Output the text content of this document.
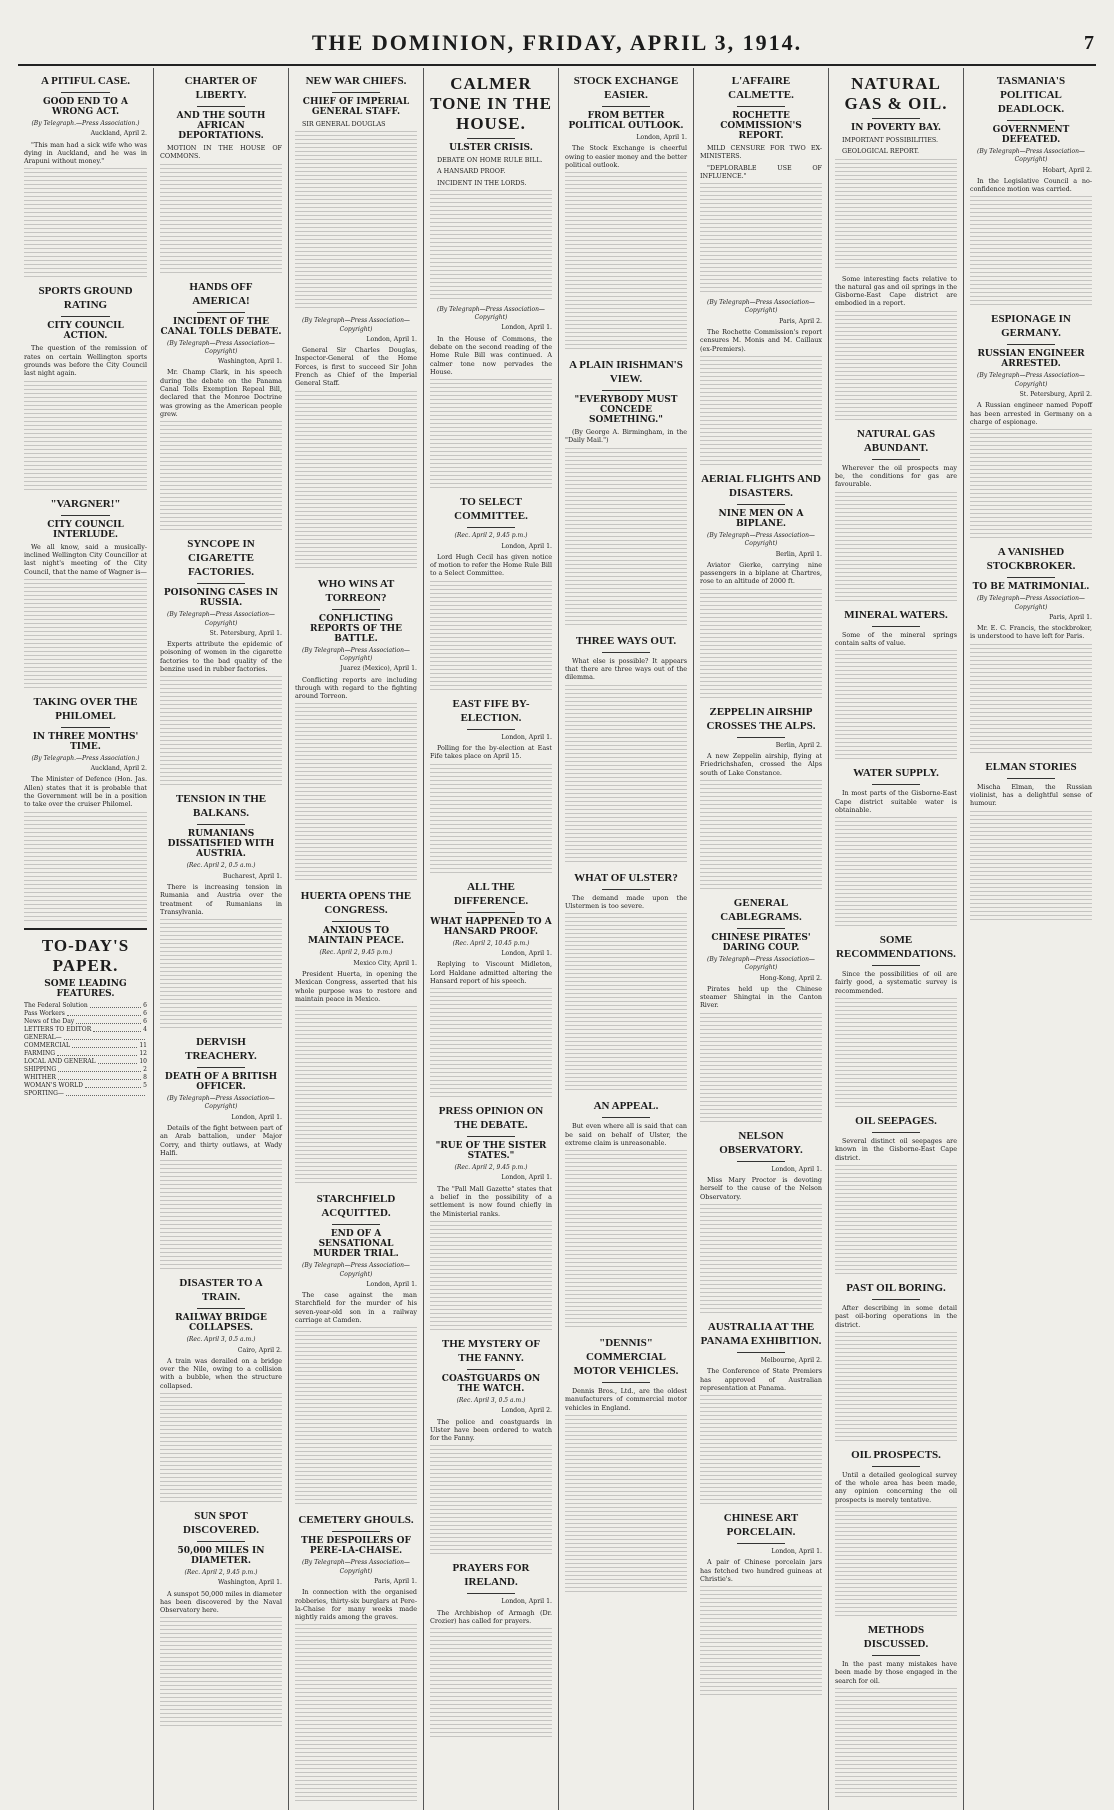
THE DOMINION, FRIDAY, APRIL 3, 1914.	7
A PITIFUL CASE.
GOOD END TO A WRONG ACT.
(By Telegraph.—Press Association.)
Auckland, April 2.

"This man had a sick wife who was dying in Auckland, and he was in Arapuni without money."

SPORTS GROUND RATING
CITY COUNCIL ACTION.

The question of the remission of rates on certain Wellington sports grounds was before the City Council last night again.

"VARGNER!"
CITY COUNCIL INTERLUDE.

We all know, said a musically-inclined Wellington City Councillor at last night's meeting of the City Council, that the name of Wagner is—

TAKING OVER THE PHILOMEL
IN THREE MONTHS' TIME.
(By Telegraph.—Press Association.)
Auckland, April 2.

The Minister of Defence (Hon. Jas. Allen) states that it is probable that the Government will be in a position to take over the cruiser Philomel.

TO-DAY'S PAPER.
SOME LEADING FEATURES.
The Federal Solution	6
Pass Workers	6
News of the Day	6
LETTERS TO EDITOR	4
GENERAL—
COMMERCIAL	11
FARMING	12
LOCAL AND GENERAL	10
SHIPPING	2
WHITHER	8
WOMAN'S WORLD	5
SPORTING—
CHARTER OF LIBERTY.
AND THE SOUTH AFRICAN DEPORTATIONS.

MOTION IN THE HOUSE OF COMMONS.

HANDS OFF AMERICA!
INCIDENT OF THE CANAL TOLLS DEBATE.
(By Telegraph—Press Association—Copyright)
Washington, April 1.

Mr. Champ Clark, in his speech during the debate on the Panama Canal Tolls Exemption Repeal Bill, declared that the Monroe Doctrine was growing as the American people grew.

SYNCOPE IN CIGARETTE FACTORIES.
POISONING CASES IN RUSSIA.
(By Telegraph—Press Association—Copyright)
St. Petersburg, April 1.

Experts attribute the epidemic of poisoning of women in the cigarette factories to the bad quality of the benzine used in rubber factories.

TENSION IN THE BALKANS.
RUMANIANS DISSATISFIED WITH AUSTRIA.
(Rec. April 2, 0.5 a.m.)
Bucharest, April 1.

There is increasing tension in Rumania and Austria over the treatment of Rumanians in Transylvania.

DERVISH TREACHERY.
DEATH OF A BRITISH OFFICER.
(By Telegraph—Press Association—Copyright)
London, April 1.

Details of the fight between part of an Arab battalion, under Major Corry, and thirty outlaws, at Wady Halfi.

DISASTER TO A TRAIN.
RAILWAY BRIDGE COLLAPSES.
(Rec. April 3, 0.5 a.m.)
Cairo, April 2.

A train was derailed on a bridge over the Nile, owing to a collision with a bubble, when the structure collapsed.

SUN SPOT DISCOVERED.
50,000 MILES IN DIAMETER.
(Rec. April 2, 9.45 p.m.)
Washington, April 1.

A sunspot 50,000 miles in diameter has been discovered by the Naval Observatory here.

NEW WAR CHIEFS.
CHIEF OF IMPERIAL GENERAL STAFF.

SIR GENERAL DOUGLAS

(By Telegraph—Press Association—Copyright)
London, April 1.

General Sir Charles Douglas, Inspector-General of the Home Forces, is first to succeed Sir John French as Chief of the Imperial General Staff.

WHO WINS AT TORREON?
CONFLICTING REPORTS OF THE BATTLE.
(By Telegraph—Press Association—Copyright)
Juarez (Mexico), April 1.

Conflicting reports are including through with regard to the fighting around Torreon.

HUERTA OPENS THE CONGRESS.
ANXIOUS TO MAINTAIN PEACE.
(Rec. April 2, 9.45 p.m.)
Mexico City, April 1.

President Huerta, in opening the Mexican Congress, asserted that his whole purpose was to restore and maintain peace in Mexico.

STARCHFIELD ACQUITTED.
END OF A SENSATIONAL MURDER TRIAL.
(By Telegraph—Press Association—Copyright)
London, April 1.

The case against the man Starchfield for the murder of his seven-year-old son in a railway carriage at Camden.

CEMETERY GHOULS.
THE DESPOILERS OF PERE-LA-CHAISE.
(By Telegraph—Press Association—Copyright)
Paris, April 1.

In connection with the organised robberies, thirty-six burglars at Pere-la-Chaise for many weeks made nightly raids among the graves.

CALMER TONE IN THE HOUSE.
ULSTER CRISIS.

DEBATE ON HOME RULE BILL.

A HANSARD PROOF.

INCIDENT IN THE LORDS.

(By Telegraph—Press Association—Copyright)
London, April 1.

In the House of Commons, the debate on the second reading of the Home Rule Bill was continued. A calmer tone now pervades the House.

TO SELECT COMMITTEE.
(Rec. April 2, 9.45 p.m.)
London, April 1.

Lord Hugh Cecil has given notice of motion to refer the Home Rule Bill to a Select Committee.

EAST FIFE BY-ELECTION.
London, April 1.

Polling for the by-election at East Fife takes place on April 15.

ALL THE DIFFERENCE.
WHAT HAPPENED TO A HANSARD PROOF.
(Rec. April 2, 10.45 p.m.)
London, April 1.

Replying to Viscount Midleton, Lord Haldane admitted altering the Hansard report of his speech.

PRESS OPINION ON THE DEBATE.
"RUE OF THE SISTER STATES."
(Rec. April 2, 9.45 p.m.)
London, April 1.

The "Pall Mall Gazette" states that a belief in the possibility of a settlement is now found chiefly in the Ministerial ranks.

THE MYSTERY OF THE FANNY.
COASTGUARDS ON THE WATCH.
(Rec. April 3, 0.5 a.m.)
London, April 2.

The police and coastguards in Ulster have been ordered to watch for the Fanny.

PRAYERS FOR IRELAND.
London, April 1.

The Archbishop of Armagh (Dr. Crozier) has called for prayers.

STOCK EXCHANGE EASIER.
FROM BETTER POLITICAL OUTLOOK.
London, April 1.

The Stock Exchange is cheerful owing to easier money and the better political outlook.

A PLAIN IRISHMAN'S VIEW.
"EVERYBODY MUST CONCEDE SOMETHING."

(By George A. Birmingham, in the "Daily Mail.")

THREE WAYS OUT.

What else is possible? It appears that there are three ways out of the dilemma.

WHAT OF ULSTER?

The demand made upon the Ulstermen is too severe.

AN APPEAL.

But even where all is said that can be said on behalf of Ulster, the extreme claim is unreasonable.

"DENNIS" COMMERCIAL MOTOR VEHICLES.

Dennis Bros., Ltd., are the oldest manufacturers of commercial motor vehicles in England.

L'AFFAIRE CALMETTE.
ROCHETTE COMMISSION'S REPORT.

MILD CENSURE FOR TWO EX-MINISTERS.

"DEPLORABLE USE OF INFLUENCE."

(By Telegraph—Press Association—Copyright)
Paris, April 2.

The Rochette Commission's report censures M. Monis and M. Caillaux (ex-Premiers).

AERIAL FLIGHTS AND DISASTERS.
NINE MEN ON A BIPLANE.
(By Telegraph—Press Association—Copyright)
Berlin, April 1.

Aviator Gierke, carrying nine passengers in a biplane at Chartres, rose to an altitude of 2000 ft.

ZEPPELIN AIRSHIP CROSSES THE ALPS.
Berlin, April 2.

A new Zeppelin airship, flying at Friedrichshafen, crossed the Alps south of Lake Constance.

GENERAL CABLEGRAMS.
CHINESE PIRATES' DARING COUP.
(By Telegraph—Press Association—Copyright)
Hong-Kong, April 2.

Pirates held up the Chinese steamer Shingtai in the Canton River.

NELSON OBSERVATORY.
London, April 1.

Miss Mary Proctor is devoting herself to the cause of the Nelson Observatory.

AUSTRALIA AT THE PANAMA EXHIBITION.
Melbourne, April 2.

The Conference of State Premiers has approved of Australian representation at Panama.

CHINESE ART PORCELAIN.
London, April 1.

A pair of Chinese porcelain jars has fetched two hundred guineas at Christie's.

NATURAL GAS & OIL.
IN POVERTY BAY.

IMPORTANT POSSIBILITIES.

GEOLOGICAL REPORT.

Some interesting facts relative to the natural gas and oil springs in the Gisborne-East Cape district are embodied in a report.

NATURAL GAS ABUNDANT.

Wherever the oil prospects may be, the conditions for gas are favourable.

MINERAL WATERS.

Some of the mineral springs contain salts of value.

WATER SUPPLY.

In most parts of the Gisborne-East Cape district suitable water is obtainable.

SOME RECOMMENDATIONS.

Since the possibilities of oil are fairly good, a systematic survey is recommended.

OIL SEEPAGES.

Several distinct oil seepages are known in the Gisborne-East Cape district.

PAST OIL BORING.

After describing in some detail past oil-boring operations in the district.

OIL PROSPECTS.

Until a detailed geological survey of the whole area has been made, any opinion concerning the oil prospects is merely tentative.

METHODS DISCUSSED.

In the past many mistakes have been made by those engaged in the search for oil.

TASMANIA'S POLITICAL DEADLOCK.
GOVERNMENT DEFEATED.
(By Telegraph—Press Association—Copyright)
Hobart, April 2.

In the Legislative Council a no-confidence motion was carried.

ESPIONAGE IN GERMANY.
RUSSIAN ENGINEER ARRESTED.
(By Telegraph—Press Association—Copyright)
St. Petersburg, April 2.

A Russian engineer named Popoff has been arrested in Germany on a charge of espionage.

A VANISHED STOCKBROKER.
TO BE MATRIMONIAL.
(By Telegraph—Press Association—Copyright)
Paris, April 1.

Mr. E. C. Francis, the stockbroker, is understood to have left for Paris.

ELMAN STORIES

Mischa Elman, the Russian violinist, has a delightful sense of humour.
